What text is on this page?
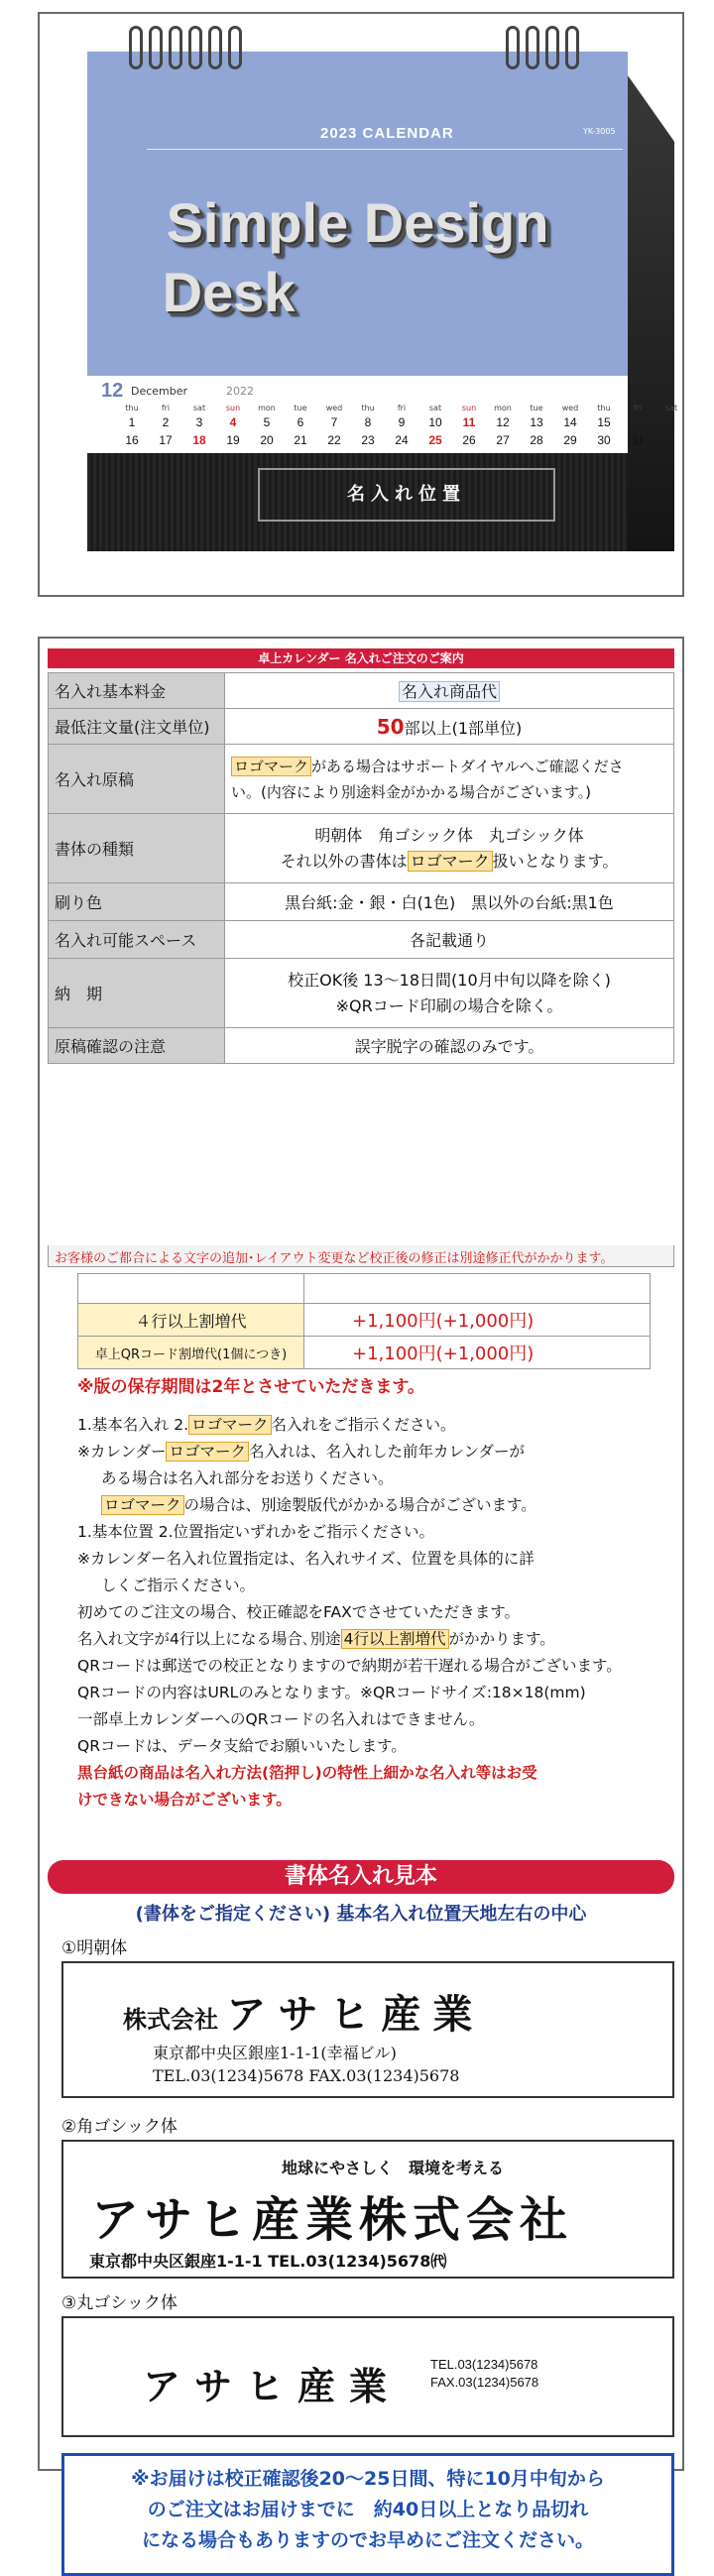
2023 CALENDAR	YK-3005
Simple Design
Desk
12 December	2022
thu	fri	sat	sun	mon	tue	wed	thu	fri	sat	sun	mon	tue	wed	thu	fri	sat
1	2	3	4	5	6	7	8	9	10	11	12	13	14	15
16	17	18	19	20	21	22	23	24	25	26	27	28	29	30	31
名入れ位置
卓上カレンダー 名入れご注文のご案内
名入れ基本料金	名入れ商品代
最低注文量(注文単位)	50部以上(1部単位)
名入れ原稿	ロゴマーク がある場合はサポートダイヤルへご確認くださ
い。(内容により別途料金がかかる場合がございます。)
書体の種類	明朝体　角ゴシック体　丸ゴシック体
それ以外の書体は ロゴマーク 扱いとなります。
刷り色	黒台紙:金・銀・白(1色)　黒以外の台紙:黒1色
名入れ可能スペース	各記載通り
納　期	校正OK後 13～18日間(10月中旬以降を除く)
※QRコード印刷の場合を除く。
原稿確認の注意	誤字脱字の確認のみです。
お客様のご都合による文字の追加･レイアウト変更など校正後の修正は別途修正代がかかります。

４行以上割増代	+1,100円(+1,000円)
卓上QRコード割増代(1個につき)	+1,100円(+1,000円)
※版の保存期間は2年とさせていただきます。

1.基本名入れ 2. ロゴマーク 名入れをご指示ください。

※カレンダー ロゴマーク 名入れは、名入れした前年カレンダーが

ある場合は名入れ部分をお送りください。

ロゴマーク の場合は、別途製版代がかかる場合がございます。

1.基本位置 2.位置指定いずれかをご指示ください。

※カレンダー名入れ位置指定は、名入れサイズ、位置を具体的に詳

しくご指示ください。

初めてのご注文の場合、校正確認をFAXでさせていただきます。

名入れ文字が4行以上になる場合､別途 4行以上割増代 がかかります。

QRコードは郵送での校正となりますので納期が若干遅れる場合がございます。

QRコードの内容はURLのみとなります。※QRコードサイズ:18×18(mm)

一部卓上カレンダーへのQRコードの名入れはできません。

QRコードは、データ支給でお願いいたします。

黒台紙の商品は名入れ方法(箔押し)の特性上細かな名入れ等はお受

けできない場合がございます。

書体名入れ見本
(書体をご指定ください) 基本名入れ位置天地左右の中心
①明朝体
株式会社 アサヒ産業
東京都中央区銀座1-1-1(幸福ビル)
TEL.03(1234)5678 FAX.03(1234)5678
②角ゴシック体
地球にやさしく　環境を考える
アサヒ産業株式会社
東京都中央区銀座1-1-1 TEL.03(1234)5678㈹
③丸ゴシック体
アサヒ産業
TEL.03(1234)5678
FAX.03(1234)5678
※お届けは校正確認後20～25日間、特に10月中旬から
のご注文はお届けまでに　約40日以上となり品切れ
になる場合もありますのでお早めにご注文ください。
